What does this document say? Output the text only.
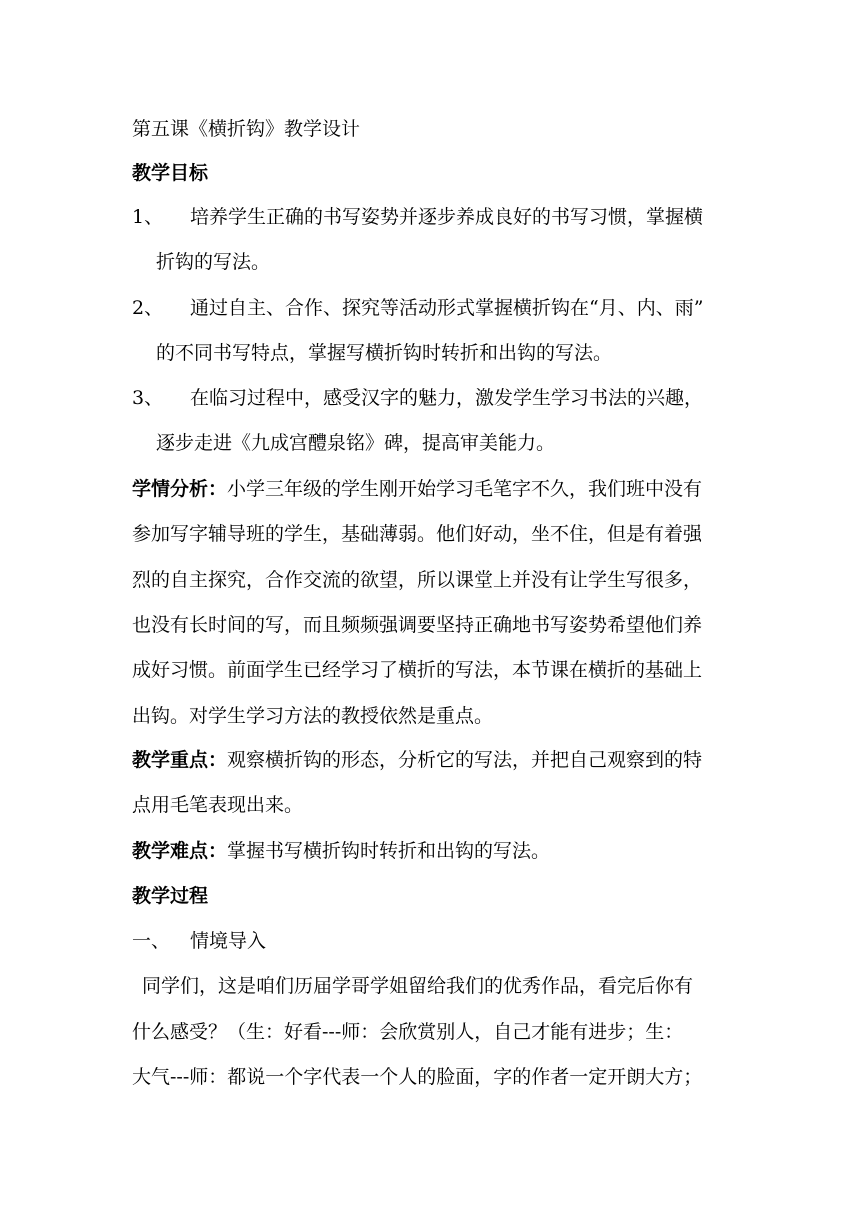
第五课《横折钩》教学设计
教学目标
1、 培养学生正确的书写姿势并逐步养成良好的书写习惯，掌握横
折钩的写法。
2、 通过自主、合作、探究等活动形式掌握横折钩在“月、内、雨”
的不同书写特点，掌握写横折钩时转折和出钩的写法。
3、 在临习过程中，感受汉字的魅力，激发学生学习书法的兴趣，
逐步走进《九成宫醴泉铭》碑，提高审美能力。
学情分析：小学三年级的学生刚开始学习毛笔字不久，我们班中没有
参加写字辅导班的学生，基础薄弱。他们好动，坐不住，但是有着强
烈的自主探究，合作交流的欲望，所以课堂上并没有让学生写很多，
也没有长时间的写，而且频频强调要坚持正确地书写姿势希望他们养
成好习惯。前面学生已经学习了横折的写法，本节课在横折的基础上
出钩。对学生学习方法的教授依然是重点。
教学重点：观察横折钩的形态，分析它的写法，并把自己观察到的特
点用毛笔表现出来。
教学难点：掌握书写横折钩时转折和出钩的写法。
教学过程
一、 情境导入
同学们，这是咱们历届学哥学姐留给我们的优秀作品，看完后你有
什么感受？（生：好看---师：会欣赏别人，自己才能有进步；生：
大气---师：都说一个字代表一个人的脸面，字的作者一定开朗大方；
